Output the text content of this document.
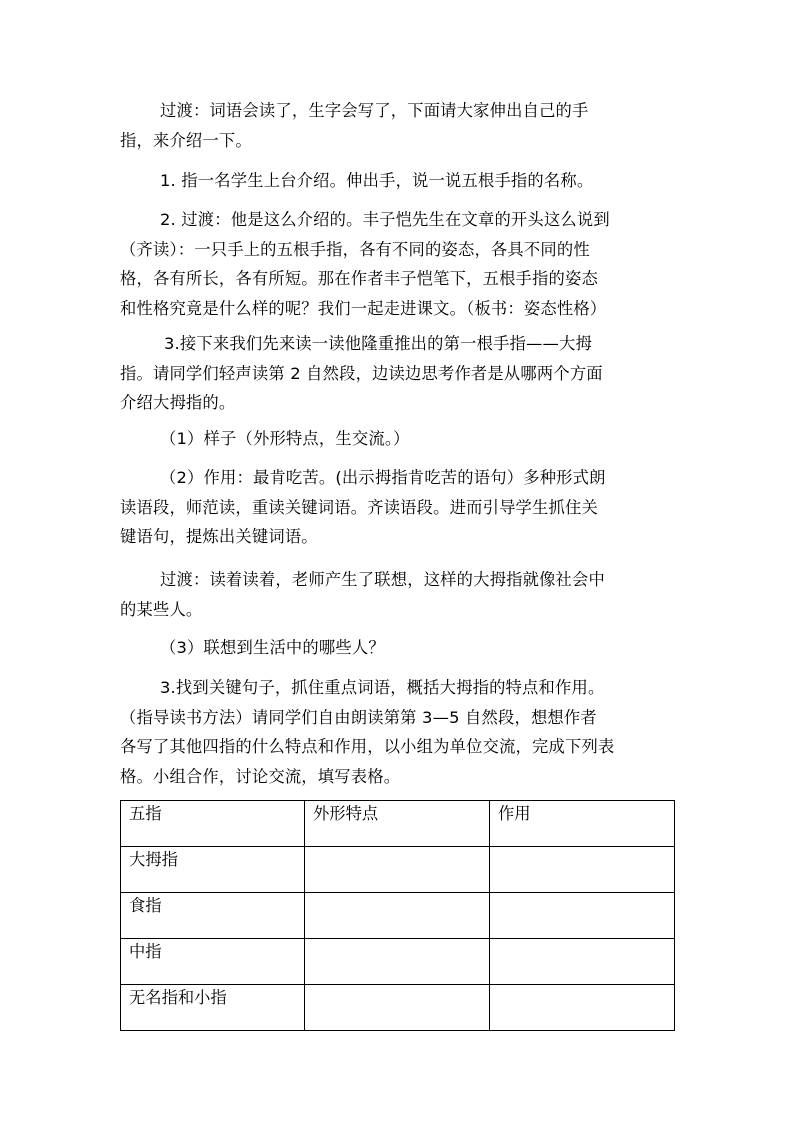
过渡：词语会读了，生字会写了，下面请大家伸出自己的手
指，来介绍一下。
1. 指一名学生上台介绍。伸出手，说一说五根手指的名称。
2. 过渡：他是这么介绍的。丰子恺先生在文章的开头这么说到
（齐读）：一只手上的五根手指，各有不同的姿态，各具不同的性
格，各有所长，各有所短。那在作者丰子恺笔下，五根手指的姿态
和性格究竟是什么样的呢？我们一起走进课文。（板书：姿态性格）
3.接下来我们先来读一读他隆重推出的第一根手指——大拇
指。请同学们轻声读第 2 自然段，边读边思考作者是从哪两个方面
介绍大拇指的。
（1）样子（外形特点，生交流。）
（2）作用：最肯吃苦。(出示拇指肯吃苦的语句）多种形式朗
读语段，师范读，重读关键词语。齐读语段。进而引导学生抓住关
键语句，提炼出关键词语。
过渡：读着读着，老师产生了联想，这样的大拇指就像社会中
的某些人。
（3）联想到生活中的哪些人？
3.找到关键句子，抓住重点词语，概括大拇指的特点和作用。
（指导读书方法）请同学们自由朗读第第 3—5 自然段，想想作者
各写了其他四指的什么特点和作用，以小组为单位交流，完成下列表
格。小组合作，讨论交流，填写表格。
五指	外形特点	作用
大拇指		
食指		
中指		
无名指和小指		
